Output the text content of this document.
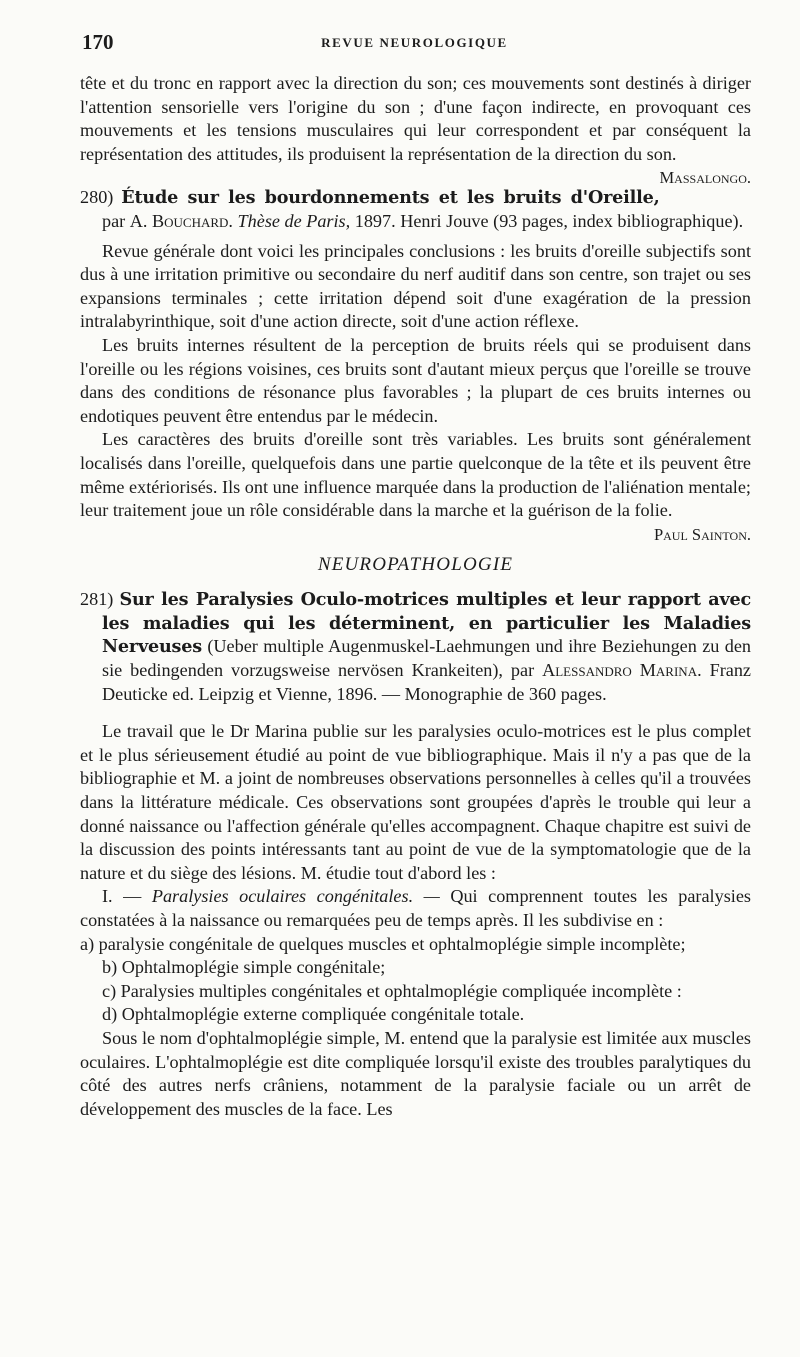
170	REVUE NEUROLOGIQUE

tête et du tronc en rapport avec la direction du son; ces mouvements sont destinés à diriger l'attention sensorielle vers l'origine du son ; d'une façon indirecte, en provoquant ces mouvements et les tensions musculaires qui leur correspondent et par conséquent la représentation des attitudes, ils produisent la représentation de la direction du son.
Massalongo.

280) Étude sur les bourdonnements et les bruits d'Oreille, par A. Bouchard. Thèse de Paris, 1897. Henri Jouve (93 pages, index bibliographique).

Revue générale dont voici les principales conclusions : les bruits d'oreille subjectifs sont dus à une irritation primitive ou secondaire du nerf auditif dans son centre, son trajet ou ses expansions terminales ; cette irritation dépend soit d'une exagération de la pression intralabyrinthique, soit d'une action directe, soit d'une action réflexe.

Les bruits internes résultent de la perception de bruits réels qui se produisent dans l'oreille ou les régions voisines, ces bruits sont d'autant mieux perçus que l'oreille se trouve dans des conditions de résonance plus favorables ; la plupart de ces bruits internes ou endotiques peuvent être entendus par le médecin.

Les caractères des bruits d'oreille sont très variables. Les bruits sont généralement localisés dans l'oreille, quelquefois dans une partie quelconque de la tête et ils peuvent être même extériorisés. Ils ont une influence marquée dans la production de l'aliénation mentale; leur traitement joue un rôle considérable dans la marche et la guérison de la folie.
Paul Sainton.

NEUROPATHOLOGIE

281) Sur les Paralysies Oculo-motrices multiples et leur rapport avec les maladies qui les déterminent, en particulier les Maladies Nerveuses (Ueber multiple Augenmuskel-Laehmungen und ihre Beziehungen zu den sie bedingenden vorzugsweise nervösen Krankeiten), par Alessandro Marina. Franz Deuticke ed. Leipzig et Vienne, 1896. — Monographie de 360 pages.

Le travail que le Dr Marina publie sur les paralysies oculo-motrices est le plus complet et le plus sérieusement étudié au point de vue bibliographique. Mais il n'y a pas que de la bibliographie et M. a joint de nombreuses observations personnelles à celles qu'il a trouvées dans la littérature médicale. Ces observations sont groupées d'après le trouble qui leur a donné naissance ou l'affection générale qu'elles accompagnent. Chaque chapitre est suivi de la discussion des points intéressants tant au point de vue de la symptomatologie que de la nature et du siège des lésions. M. étudie tout d'abord les :

I. — Paralysies oculaires congénitales. — Qui comprennent toutes les paralysies constatées à la naissance ou remarquées peu de temps après. Il les subdivise en :

a) paralysie congénitale de quelques muscles et ophtalmoplégie simple incomplète;

b) Ophtalmoplégie simple congénitale;

c) Paralysies multiples congénitales et ophtalmoplégie compliquée incomplète :

d) Ophtalmoplégie externe compliquée congénitale totale.

Sous le nom d'ophtalmoplégie simple, M. entend que la paralysie est limitée aux muscles oculaires. L'ophtalmoplégie est dite compliquée lorsqu'il existe des troubles paralytiques du côté des autres nerfs crâniens, notamment de la paralysie faciale ou un arrêt de développement des muscles de la face. Les
